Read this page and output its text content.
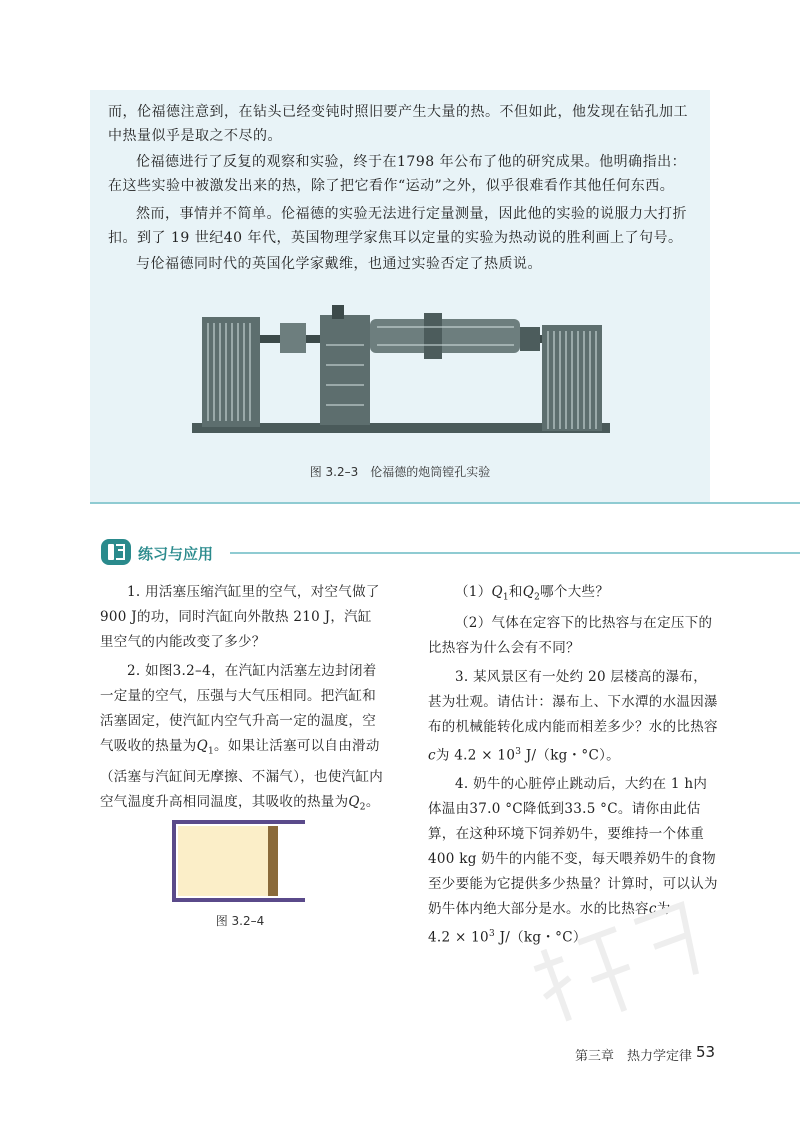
而，伦福德注意到，在钻头已经变钝时照旧要产生大量的热。不但如此，他发现在钻孔加工中热量似乎是取之不尽的。

伦福德进行了反复的观察和实验，终于在1798 年公布了他的研究成果。他明确指出：在这些实验中被激发出来的热，除了把它看作“运动”之外，似乎很难看作其他任何东西。

然而，事情并不简单。伦福德的实验无法进行定量测量，因此他的实验的说服力大打折扣。到了 19 世纪40 年代，英国物理学家焦耳以定量的实验为热动说的胜利画上了句号。

与伦福德同时代的英国化学家戴维，也通过实验否定了热质说。

图 3.2–3　伦福德的炮筒镗孔实验
练习与应用

1. 用活塞压缩汽缸里的空气，对空气做了900 J的功，同时汽缸向外散热 210 J，汽缸里空气的内能改变了多少？

2. 如图3.2–4，在汽缸内活塞左边封闭着一定量的空气，压强与大气压相同。把汽缸和活塞固定，使汽缸内空气升高一定的温度，空气吸收的热量为$Q_1$。如果让活塞可以自由滑动（活塞与汽缸间无摩擦、不漏气），也使汽缸内空气温度升高相同温度，其吸收的热量为$Q_2$。

图 3.2–4

$(1)Q_1$和$Q_2$哪个大些？

（2）气体在定容下的比热容与在定压下的比热容为什么会有不同？

3. 某风景区有一处约 20 层楼高的瀑布，甚为壮观。请估计：瀑布上、下水潭的水温因瀑布的机械能转化成内能而相差多少？水的比热容c为 $4.2 \times 10^3$ J/（kg・°C）。

4. 奶牛的心脏停止跳动后，大约在 1 h内体温由37.0 °C降低到33.5 °C。请你由此估算，在这种环境下饲养奶牛，要维持一个体重400 kg 奶牛的内能不变，每天喂养奶牛的食物至少要能为它提供多少热量？计算时，可以认为奶牛体内绝大部分是水。水的比热容c为
$4.2 \times 10^3$ J/（kg・°C）。

第三章　热力学定律 53
